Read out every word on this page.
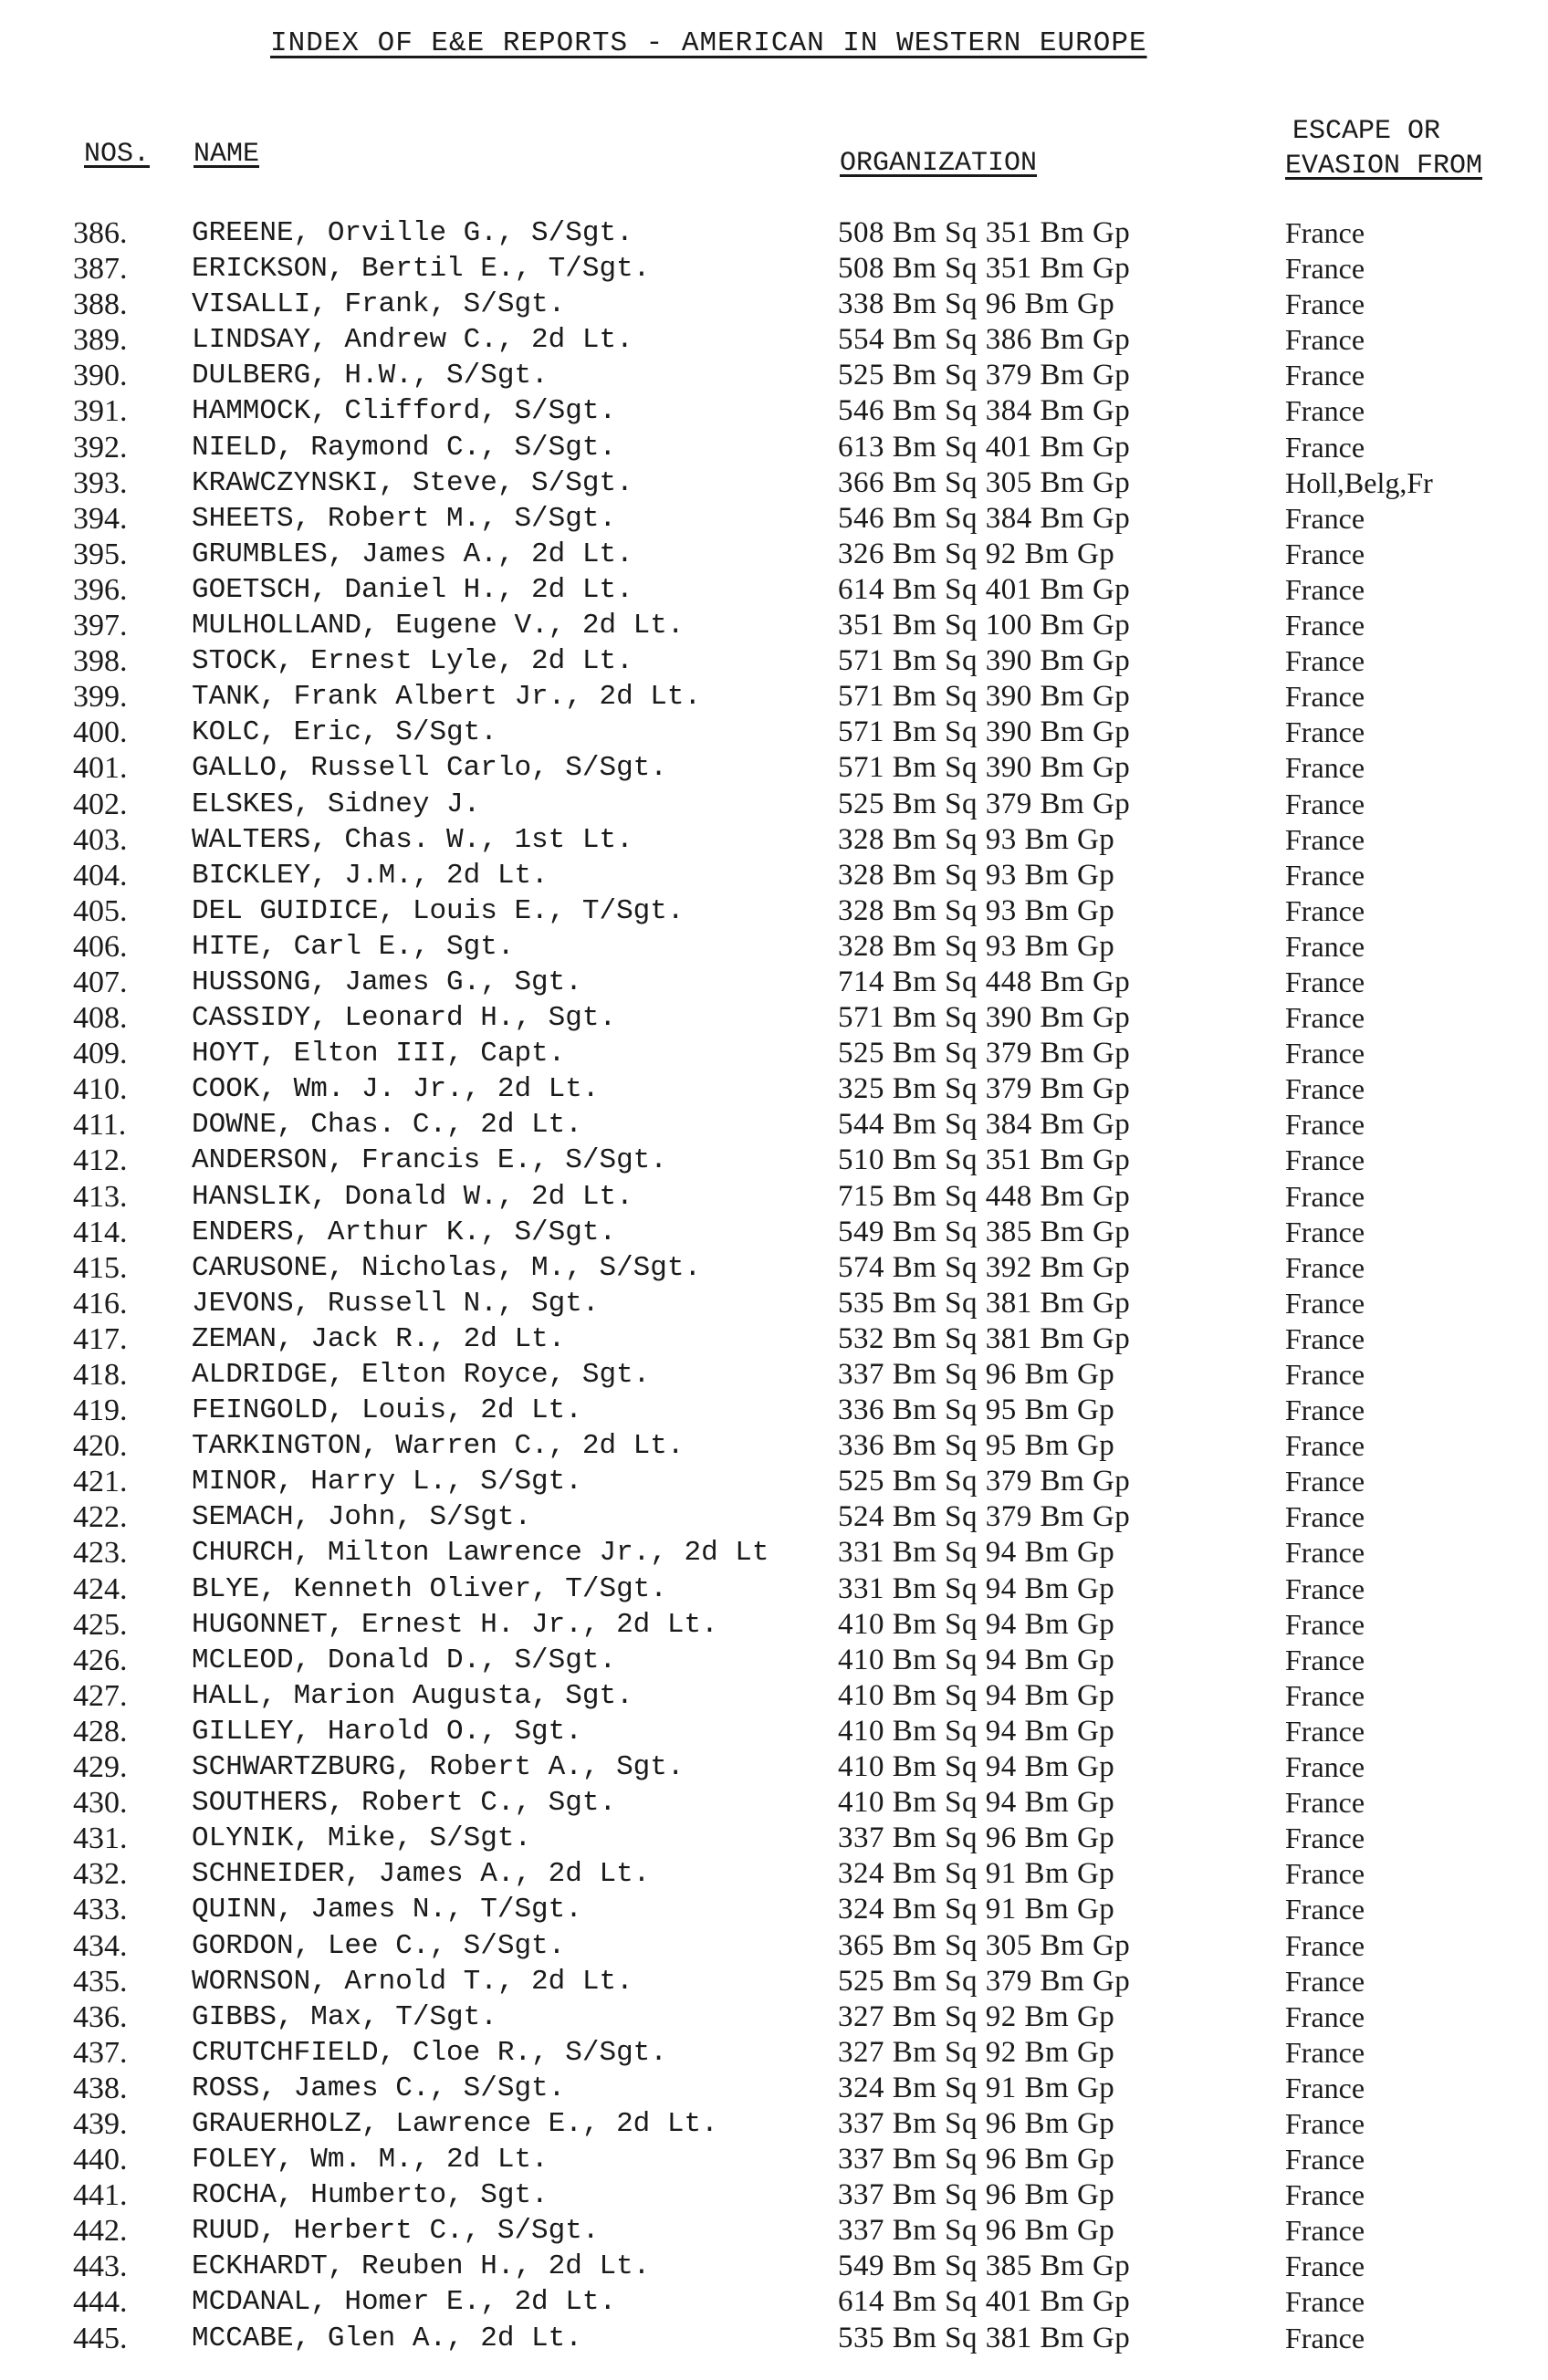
INDEX OF E&E REPORTS - AMERICAN IN WESTERN EUROPE
NOS. NAME	ORGANIZATION
ESCAPE OR
EVASION FROM
386. GREENE, Orville G., S/Sgt.	508 Bm Sq 351 Bm Gp	France
387. ERICKSON, Bertil E., T/Sgt.	508 Bm Sq 351 Bm Gp	France
388. VISALLI, Frank, S/Sgt.	338 Bm Sq 96 Bm Gp	France
389. LINDSAY, Andrew C., 2d Lt.	554 Bm Sq 386 Bm Gp	France
390. DULBERG, H.W., S/Sgt.	525 Bm Sq 379 Bm Gp	France
391. HAMMOCK, Clifford, S/Sgt.	546 Bm Sq 384 Bm Gp	France
392. NIELD, Raymond C., S/Sgt.	613 Bm Sq 401 Bm Gp	France
393. KRAWCZYNSKI, Steve, S/Sgt.	366 Bm Sq 305 Bm Gp	Holl,Belg,Fr
394. SHEETS, Robert M., S/Sgt.	546 Bm Sq 384 Bm Gp	France
395. GRUMBLES, James A., 2d Lt.	326 Bm Sq 92 Bm Gp	France
396. GOETSCH, Daniel H., 2d Lt.	614 Bm Sq 401 Bm Gp	France
397. MULHOLLAND, Eugene V., 2d Lt.	351 Bm Sq 100 Bm Gp	France
398. STOCK, Ernest Lyle, 2d Lt.	571 Bm Sq 390 Bm Gp	France
399. TANK, Frank Albert Jr., 2d Lt.	571 Bm Sq 390 Bm Gp	France
400. KOLC, Eric, S/Sgt.	571 Bm Sq 390 Bm Gp	France
401. GALLO, Russell Carlo, S/Sgt.	571 Bm Sq 390 Bm Gp	France
402. ELSKES, Sidney J.	525 Bm Sq 379 Bm Gp	France
403. WALTERS, Chas. W., 1st Lt.	328 Bm Sq 93 Bm Gp	France
404. BICKLEY, J.M., 2d Lt.	328 Bm Sq 93 Bm Gp	France
405. DEL GUIDICE, Louis E., T/Sgt.	328 Bm Sq 93 Bm Gp	France
406. HITE, Carl E., Sgt.	328 Bm Sq 93 Bm Gp	France
407. HUSSONG, James G., Sgt.	714 Bm Sq 448 Bm Gp	France
408. CASSIDY, Leonard H., Sgt.	571 Bm Sq 390 Bm Gp	France
409. HOYT, Elton III, Capt.	525 Bm Sq 379 Bm Gp	France
410. COOK, Wm. J. Jr., 2d Lt.	325 Bm Sq 379 Bm Gp	France
411. DOWNE, Chas. C., 2d Lt.	544 Bm Sq 384 Bm Gp	France
412. ANDERSON, Francis E., S/Sgt.	510 Bm Sq 351 Bm Gp	France
413. HANSLIK, Donald W., 2d Lt.	715 Bm Sq 448 Bm Gp	France
414. ENDERS, Arthur K., S/Sgt.	549 Bm Sq 385 Bm Gp	France
415. CARUSONE, Nicholas, M., S/Sgt.	574 Bm Sq 392 Bm Gp	France
416. JEVONS, Russell N., Sgt.	535 Bm Sq 381 Bm Gp	France
417. ZEMAN, Jack R., 2d Lt.	532 Bm Sq 381 Bm Gp	France
418. ALDRIDGE, Elton Royce, Sgt.	337 Bm Sq 96 Bm Gp	France
419. FEINGOLD, Louis, 2d Lt.	336 Bm Sq 95 Bm Gp	France
420. TARKINGTON, Warren C., 2d Lt.	336 Bm Sq 95 Bm Gp	France
421. MINOR, Harry L., S/Sgt.	525 Bm Sq 379 Bm Gp	France
422. SEMACH, John, S/Sgt.	524 Bm Sq 379 Bm Gp	France
423. CHURCH, Milton Lawrence Jr., 2d Lt 331 Bm Sq 94 Bm Gp	France
424. BLYE, Kenneth Oliver, T/Sgt.	331 Bm Sq 94 Bm Gp	France
425. HUGONNET, Ernest H. Jr., 2d Lt.	410 Bm Sq 94 Bm Gp	France
426. MCLEOD, Donald D., S/Sgt.	410 Bm Sq 94 Bm Gp	France
427. HALL, Marion Augusta, Sgt.	410 Bm Sq 94 Bm Gp	France
428. GILLEY, Harold O., Sgt.	410 Bm Sq 94 Bm Gp	France
429. SCHWARTZBURG, Robert A., Sgt.	410 Bm Sq 94 Bm Gp	France
430. SOUTHERS, Robert C., Sgt.	410 Bm Sq 94 Bm Gp	France
431. OLYNIK, Mike, S/Sgt.	337 Bm Sq 96 Bm Gp	France
432. SCHNEIDER, James A., 2d Lt.	324 Bm Sq 91 Bm Gp	France
433. QUINN, James N., T/Sgt.	324 Bm Sq 91 Bm Gp	France
434. GORDON, Lee C., S/Sgt.	365 Bm Sq 305 Bm Gp	France
435. WORNSON, Arnold T., 2d Lt.	525 Bm Sq 379 Bm Gp	France
436. GIBBS, Max, T/Sgt.	327 Bm Sq 92 Bm Gp	France
437. CRUTCHFIELD, Cloe R., S/Sgt.	327 Bm Sq 92 Bm Gp	France
438. ROSS, James C., S/Sgt.	324 Bm Sq 91 Bm Gp	France
439. GRAUERHOLZ, Lawrence E., 2d Lt.	337 Bm Sq 96 Bm Gp	France
440. FOLEY, Wm. M., 2d Lt.	337 Bm Sq 96 Bm Gp	France
441. ROCHA, Humberto, Sgt.	337 Bm Sq 96 Bm Gp	France
442. RUUD, Herbert C., S/Sgt.	337 Bm Sq 96 Bm Gp	France
443. ECKHARDT, Reuben H., 2d Lt.	549 Bm Sq 385 Bm Gp	France
444. MCDANAL, Homer E., 2d Lt.	614 Bm Sq 401 Bm Gp	France
445. MCCABE, Glen A., 2d Lt.	535 Bm Sq 381 Bm Gp	France
